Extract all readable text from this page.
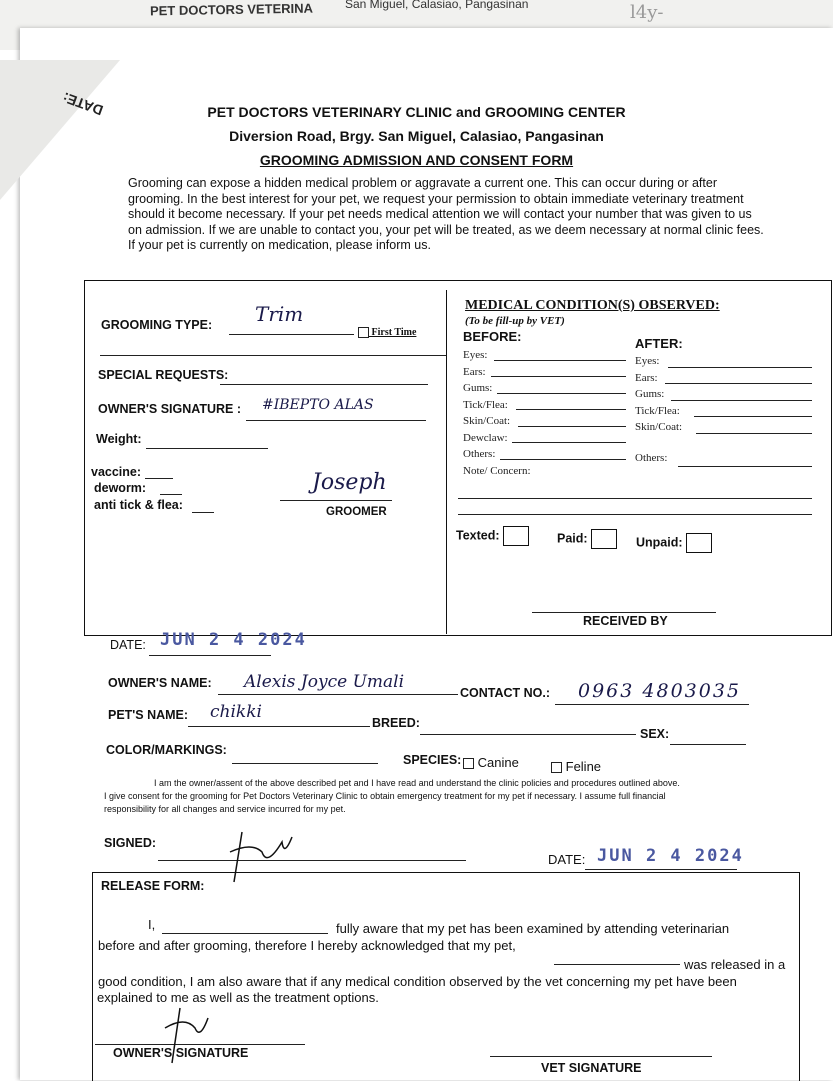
PET DOCTORS VETERINA	San Miguel, Calasiao, Pangasinan	l4y-
DATE:	PET DOCTORS VETERINARY CLINIC and GROOMING CENTER
Diversion Road, Brgy. San Miguel, Calasiao, Pangasinan
GROOMING ADMISSION AND CONSENT FORM
Grooming can expose a hidden medical problem or aggravate a current one. This can occur during or after
grooming. In the best interest for your pet, we request your permission to obtain immediate veterinary treatment
should it become necessary. If your pet needs medical attention we will contact your number that was given to us
on admission. If we are unable to contact you, your pet will be treated, as we deem necessary at normal clinic fees.
If your pet is currently on medication, please inform us.
GROOMING TYPE: Trim
First Time
SPECIAL REQUESTS:
OWNER'S SIGNATURE : #IBEPTO ALAS
Weight:
vaccine:
deworm:
anti tick & flea:
Joseph
GROOMER
MEDICAL CONDITION(S) OBSERVED:
(To be fill-up by VET)
BEFORE:	AFTER:
Eyes:
Ears:
Gums:
Tick/Flea:
Skin/Coat:
Dewclaw:
Others:
Note/ Concern:
Eyes:
Ears:
Gums:
Tick/Flea:
Skin/Coat:
Others:
Texted:	Paid:	Unpaid:
RECEIVED BY
DATE: JUN 2 4 2024
OWNER'S NAME: Alexis Joyce Umali
CONTACT NO.: 0963 4803035
PET'S NAME: chikki
BREED:
SEX:
COLOR/MARKINGS:
SPECIES:	Canine	Feline
I am the owner/assent of the above described pet and I have read and understand the clinic policies and procedures outlined above.
I give consent for the grooming for Pet Doctors Veterinary Clinic to obtain emergency treatment for my pet if necessary. I assume full financial
responsibility for all changes and service incurred for my pet.
SIGNED:
DATE: JUN 2 4 2024
RELEASE FORM:
I,	fully aware that my pet has been examined by attending veterinarian
before and after grooming, therefore I hereby acknowledged that my pet,
was released in a
good condition, I am also aware that if any medical condition observed by the vet concerning my pet have been
explained to me as well as the treatment options.
OWNER'S SIGNATURE
VET SIGNATURE
